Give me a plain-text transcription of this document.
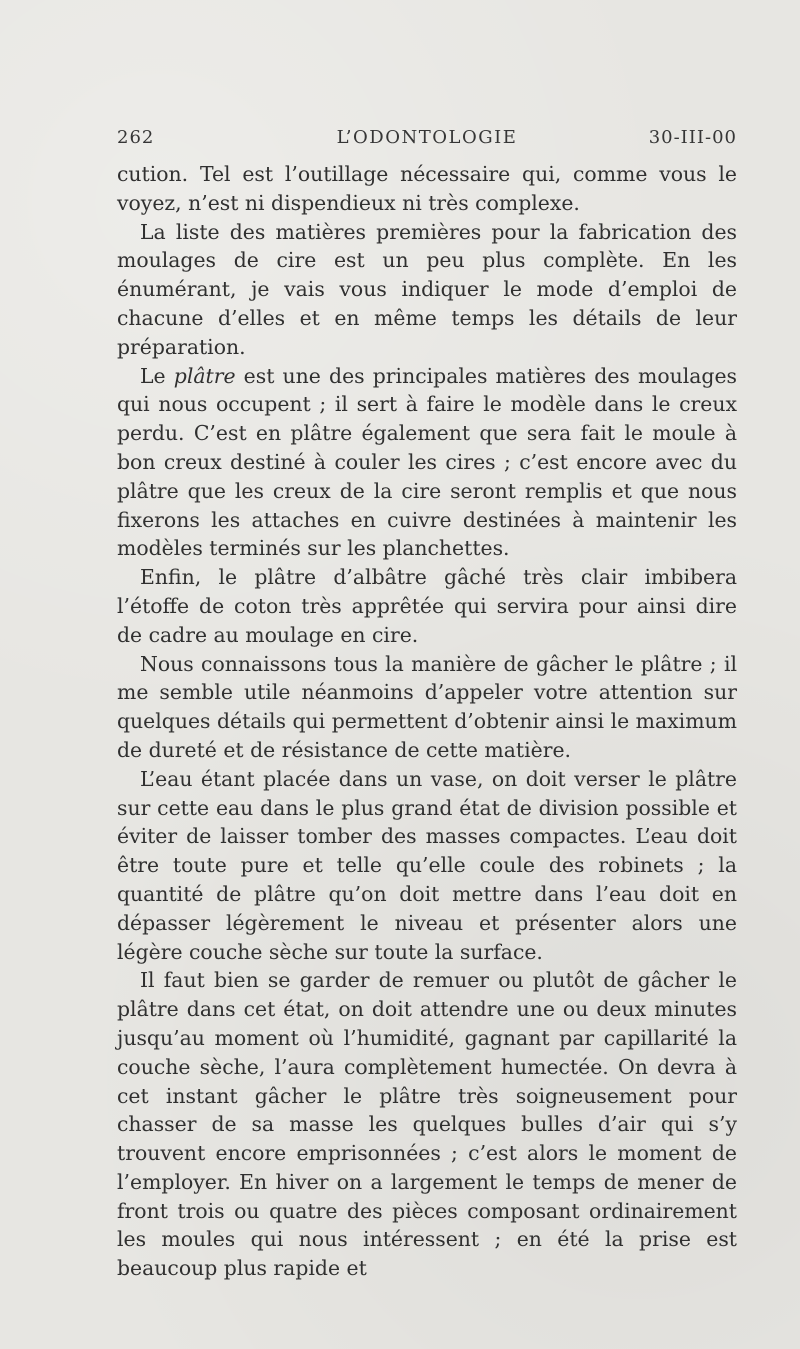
262	L’ODONTOLOGIE	30-III-00

cution. Tel est l’outillage nécessaire qui, comme vous le voyez, n’est ni dispendieux ni très complexe.

La liste des matières premières pour la fabrication des moulages de cire est un peu plus complète. En les énumérant, je vais vous indiquer le mode d’emploi de chacune d’elles et en même temps les détails de leur préparation.

Le plâtre est une des principales matières des moulages qui nous occupent ; il sert à faire le modèle dans le creux perdu. C’est en plâtre également que sera fait le moule à bon creux destiné à couler les cires ; c’est encore avec du plâtre que les creux de la cire seront remplis et que nous fixerons les attaches en cuivre destinées à maintenir les modèles terminés sur les planchettes.

Enfin, le plâtre d’albâtre gâché très clair imbibera l’étoffe de coton très apprêtée qui servira pour ainsi dire de cadre au moulage en cire.

Nous connaissons tous la manière de gâcher le plâtre ; il me semble utile néanmoins d’appeler votre attention sur quelques détails qui permettent d’obtenir ainsi le maximum de dureté et de résistance de cette matière.

L’eau étant placée dans un vase, on doit verser le plâtre sur cette eau dans le plus grand état de division possible et éviter de laisser tomber des masses compactes. L’eau doit être toute pure et telle qu’elle coule des robinets ; la quantité de plâtre qu’on doit mettre dans l’eau doit en dépasser légèrement le niveau et présenter alors une légère couche sèche sur toute la surface.

Il faut bien se garder de remuer ou plutôt de gâcher le plâtre dans cet état, on doit attendre une ou deux minutes jusqu’au moment où l’humidité, gagnant par capillarité la couche sèche, l’aura complètement humectée. On devra à cet instant gâcher le plâtre très soigneusement pour chasser de sa masse les quelques bulles d’air qui s’y trouvent encore emprisonnées ; c’est alors le moment de l’employer. En hiver on a largement le temps de mener de front trois ou quatre des pièces composant ordinairement les moules qui nous intéressent ; en été la prise est beaucoup plus rapide et
